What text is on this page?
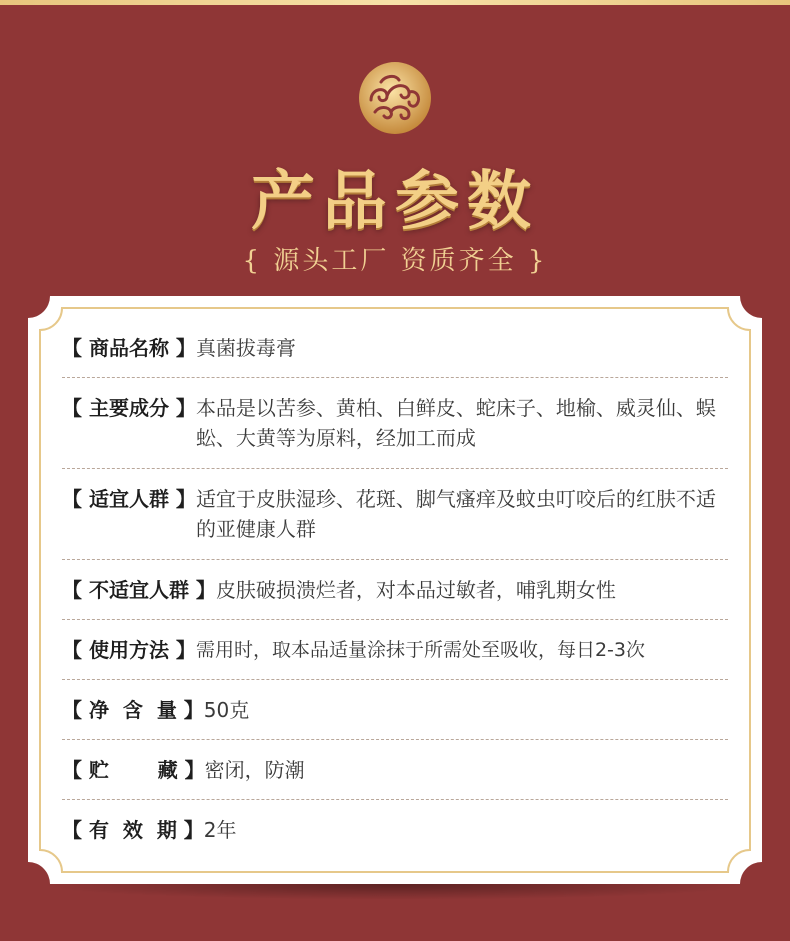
产品参数
{ 源头工厂 资质齐全 }
【 商品名称 】 真菌拔毒膏
【 主要成分 】 本品是以苦参、黄柏、白鲜皮、蛇床子、地榆、威灵仙、蜈蚣、大黄等为原料，经加工而成
【 适宜人群 】 适宜于皮肤湿珍、花斑、脚气瘙痒及蚊虫叮咬后的红肤不适的亚健康人群
【 不适宜人群 】 皮肤破损溃烂者，对本品过敏者，哺乳期女性
【 使用方法 】 需用时，取本品适量涂抹于所需处至吸收，每日2-3次
【 净  含  量 】 50克
【 贮       藏 】 密闭，防潮
【 有  效  期 】 2年
